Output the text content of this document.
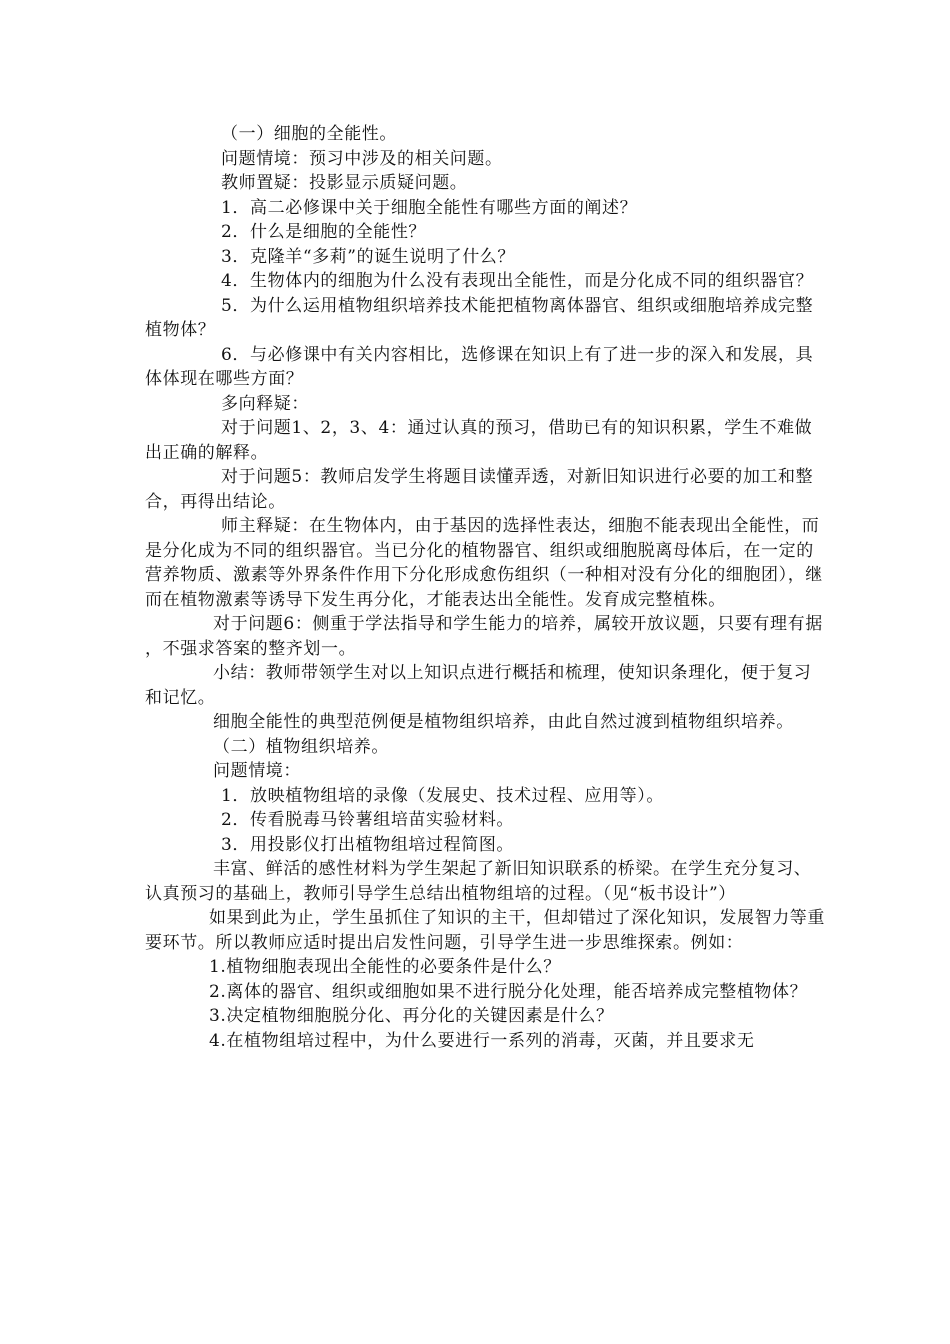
（一）细胞的全能性。

问题情境：预习中涉及的相关问题。

教师置疑：投影显示质疑问题。

1．高二必修课中关于细胞全能性有哪些方面的阐述？

2．什么是细胞的全能性？

3．克隆羊“多莉”的诞生说明了什么？

4．生物体内的细胞为什么没有表现出全能性，而是分化成不同的组织器官？

5．为什么运用植物组织培养技术能把植物离体器官、组织或细胞培养成完整植物体？

6．与必修课中有关内容相比，选修课在知识上有了进一步的深入和发展，具体体现在哪些方面？

多向释疑：

对于问题1、2，3、4：通过认真的预习，借助已有的知识积累，学生不难做出正确的解释。

对于问题5：教师启发学生将题目读懂弄透，对新旧知识进行必要的加工和整合，再得出结论。

师主释疑：在生物体内，由于基因的选择性表达，细胞不能表现出全能性，而是分化成为不同的组织器官。当已分化的植物器官、组织或细胞脱离母体后，在一定的营养物质、激素等外界条件作用下分化形成愈伤组织（一种相对没有分化的细胞团），继而在植物激素等诱导下发生再分化，才能表达出全能性。发育成完整植株。

对于问题6：侧重于学法指导和学生能力的培养，属较开放议题，只要有理有据，不强求答案的整齐划一。

小结：教师带领学生对以上知识点进行概括和梳理，使知识条理化，便于复习和记忆。

细胞全能性的典型范例便是植物组织培养，由此自然过渡到植物组织培养。

（二）植物组织培养。

问题情境：

1．放映植物组培的录像（发展史、技术过程、应用等）。

2．传看脱毒马铃薯组培苗实验材料。

3．用投影仪打出植物组培过程简图。

丰富、鲜活的感性材料为学生架起了新旧知识联系的桥梁。在学生充分复习、认真预习的基础上，教师引导学生总结出植物组培的过程。（见“板书设计”）

如果到此为止，学生虽抓住了知识的主干，但却错过了深化知识，发展智力等重要环节。所以教师应适时提出启发性问题，引导学生进一步思维探索。例如：

1.植物细胞表现出全能性的必要条件是什么？

2.离体的器官、组织或细胞如果不进行脱分化处理，能否培养成完整植物体？

3.决定植物细胞脱分化、再分化的关键因素是什么？

4.在植物组培过程中，为什么要进行一系列的消毒，灭菌，并且要求无
